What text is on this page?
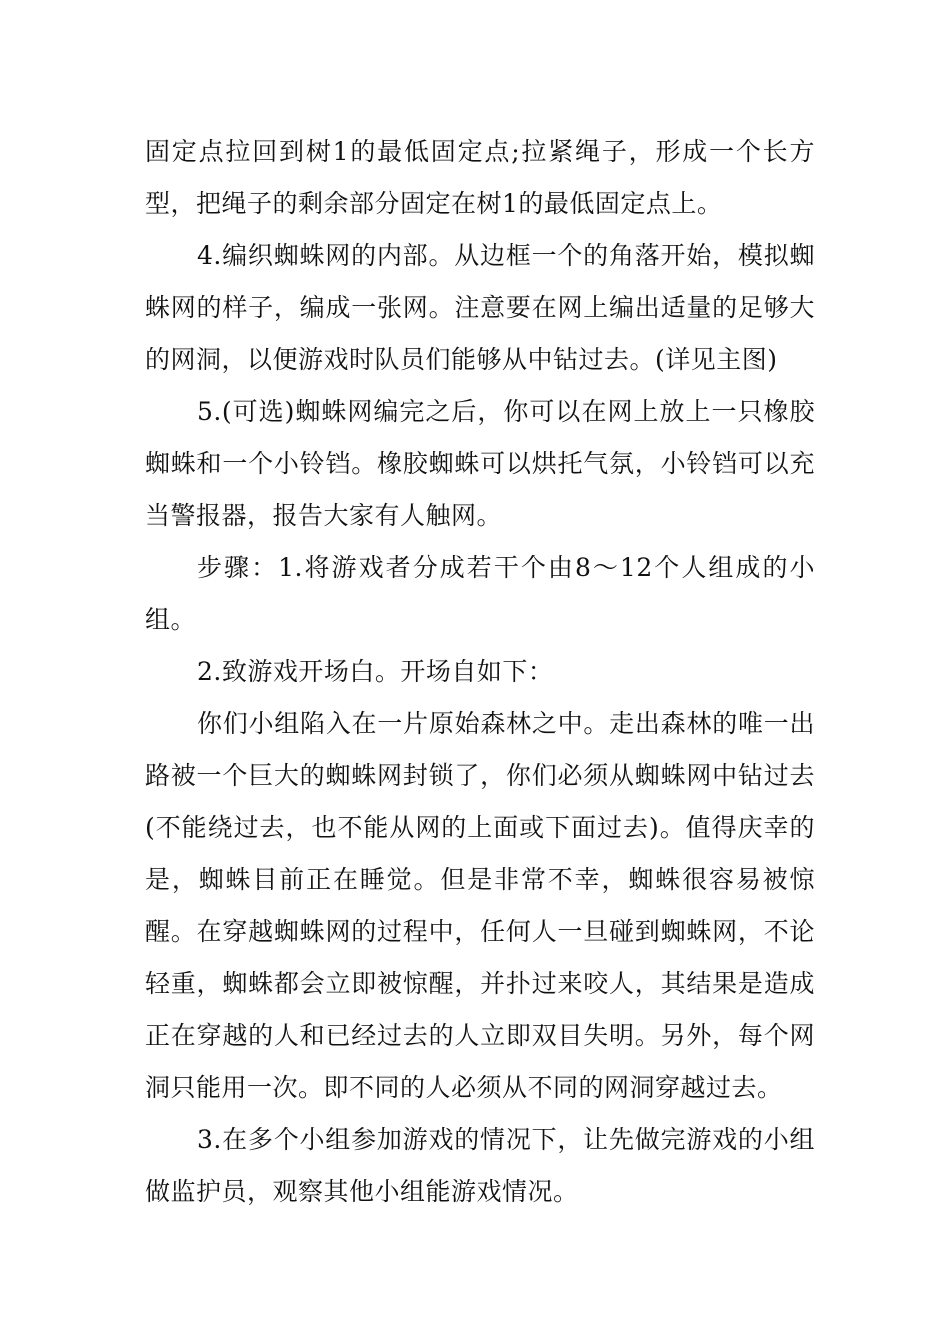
固定点拉回到树1的最低固定点;拉紧绳子，形成一个长方型，把绳子的剩余部分固定在树1的最低固定点上。

4.编织蜘蛛网的内部。从边框一个的角落开始，模拟蜘蛛网的样子，编成一张网。注意要在网上编出适量的足够大的网洞，以便游戏时队员们能够从中钻过去。(详见主图)

5.(可选)蜘蛛网编完之后，你可以在网上放上一只橡胶蜘蛛和一个小铃铛。橡胶蜘蛛可以烘托气氛，小铃铛可以充当警报器，报告大家有人触网。

步骤：1.将游戏者分成若干个由8～12个人组成的小组。

2.致游戏开场白。开场自如下：

你们小组陷入在一片原始森林之中。走出森林的唯一出路被一个巨大的蜘蛛网封锁了，你们必须从蜘蛛网中钻过去(不能绕过去，也不能从网的上面或下面过去)。值得庆幸的是，蜘蛛目前正在睡觉。但是非常不幸，蜘蛛很容易被惊醒。在穿越蜘蛛网的过程中，任何人一旦碰到蜘蛛网，不论轻重，蜘蛛都会立即被惊醒，并扑过来咬人，其结果是造成正在穿越的人和已经过去的人立即双目失明。另外，每个网洞只能用一次。即不同的人必须从不同的网洞穿越过去。

3.在多个小组参加游戏的情况下，让先做完游戏的小组做监护员，观察其他小组能游戏情况。
